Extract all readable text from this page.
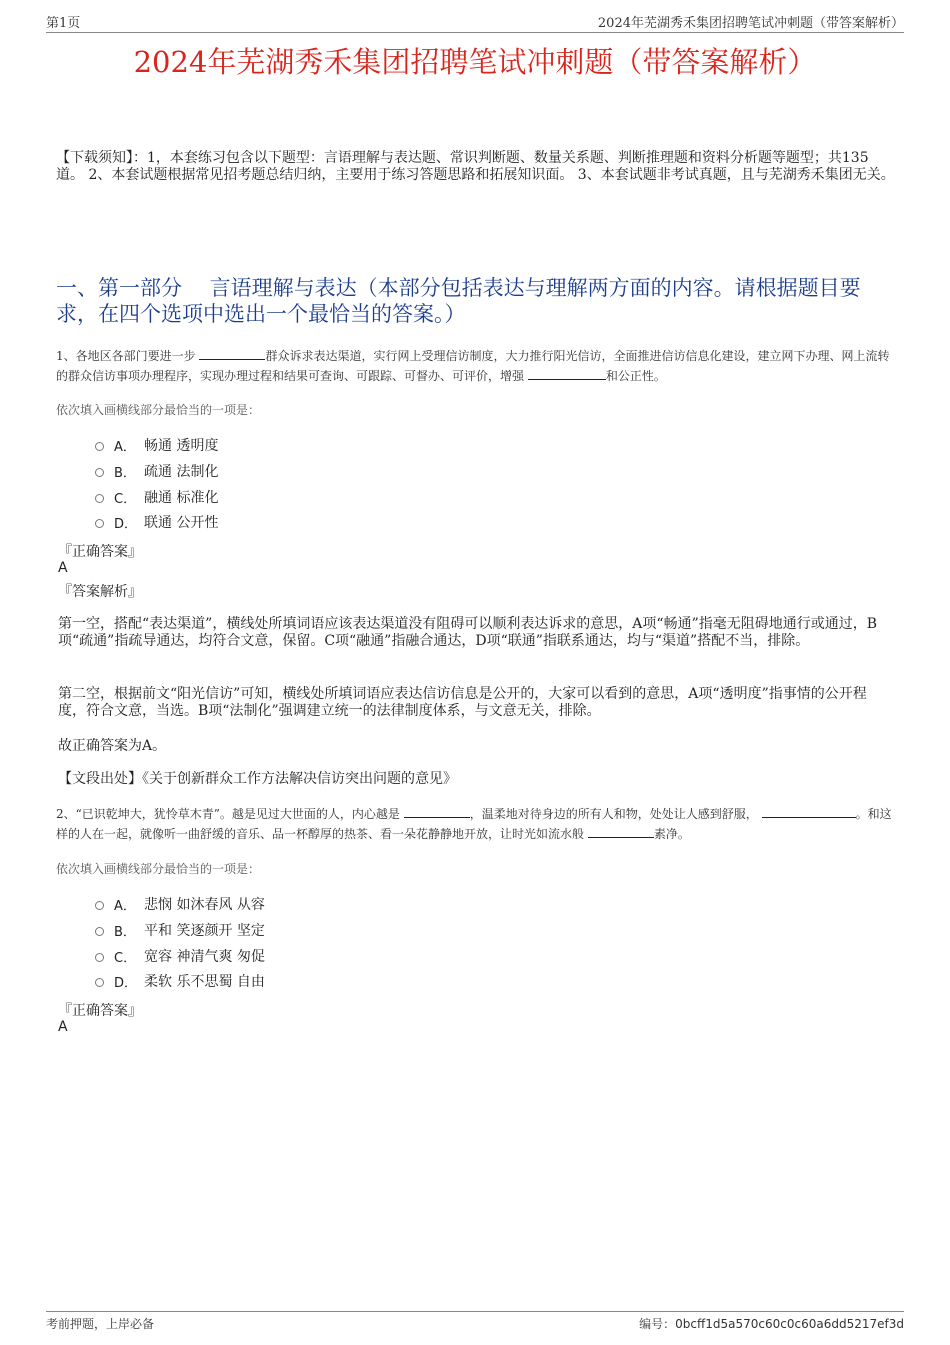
第1页	2024年芜湖秀禾集团招聘笔试冲刺题（带答案解析）
2024年芜湖秀禾集团招聘笔试冲刺题（带答案解析）
【下载须知】：1，本套练习包含以下题型：言语理解与表达题、常识判断题、数量关系题、判断推理题和资料分析题等题型；共135道。 2、本套试题根据常见招考题总结归纳，主要用于练习答题思路和拓展知识面。 3、本套试题非考试真题，且与芜湖秀禾集团无关。
一、第一部分　 言语理解与表达（本部分包括表达与理解两方面的内容。请根据题目要求，在四个选项中选出一个最恰当的答案。）
1、各地区各部门要进一步	群众诉求表达渠道，实行网上受理信访制度，大力推行阳光信访，全面推进信访信息化建设，建立网下办理、网上流转的群众信访事项办理程序，实现办理过程和结果可查询、可跟踪、可督办、可评价，增强	和公正性。
依次填入画横线部分最恰当的一项是：
A． 畅通 透明度
B． 疏通 法制化
C． 融通 标准化
D． 联通 公开性
『正确答案』
A
『答案解析』
第一空，搭配“表达渠道”，横线处所填词语应该表达渠道没有阻碍可以顺利表达诉求的意思，A项“畅通”指毫无阻碍地通行或通过，B项“疏通”指疏导通达，均符合文意，保留。C项“融通”指融合通达，D项“联通”指联系通达，均与“渠道”搭配不当，排除。
第二空，根据前文“阳光信访”可知，横线处所填词语应表达信访信息是公开的，大家可以看到的意思，A项“透明度”指事情的公开程度，符合文意，当选。B项“法制化”强调建立统一的法律制度体系，与文意无关，排除。
故正确答案为A。
【文段出处】《关于创新群众工作方法解决信访突出问题的意见》
2、“已识乾坤大，犹怜草木青”。越是见过大世面的人，内心越是	，温柔地对待身边的所有人和物，处处让人感到舒服，	。和这样的人在一起，就像听一曲舒缓的音乐、品一杯醇厚的热茶、看一朵花静静地开放，让时光如流水般	素净。
依次填入画横线部分最恰当的一项是：
A． 悲悯 如沐春风 从容
B． 平和 笑逐颜开 坚定
C． 宽容 神清气爽 匆促
D． 柔软 乐不思蜀 自由
『正确答案』
A
考前押题，上岸必备	编号：0bcff1d5a570c60c0c60a6dd5217ef3d
